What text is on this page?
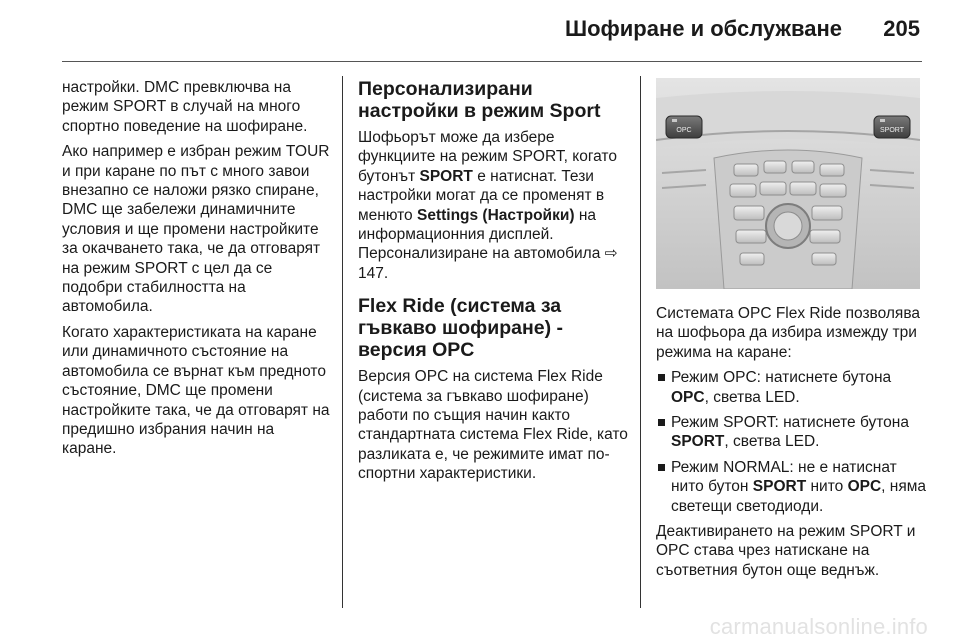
Шофиране и обслужване 205

настройки. DMC превключва на режим SPORT в случай на много спортно поведение на шофиране.

Ако например е избран режим TOUR и при каране по път с много завои внезапно се наложи рязко спиране, DMC ще забележи динамичните условия и ще промени настройките за окачването така, че да отговарят на режим SPORT с цел да се подобри стабилността на автомобила.

Когато характеристиката на каране или динамичното състояние на автомобила се върнат към предното състояние, DMC ще промени настройките така, че да отговарят на предишно избрания начин на каране.

Персонализирани настройки в режим Sport

Шофьорът може да избере функциите на режим SPORT, когато бутонът SPORT е натиснат. Тези настройки могат да се променят в менюто Settings (Настройки) на информационния дисплей. Персонализиране на автомобила ⇨ 147.

Flex Ride (система за гъвкаво шофиране) - версия OPC

Версия OPC на система Flex Ride (система за гъвкаво шофиране) работи по същия начин както стандартната система Flex Ride, като разликата е, че режимите имат по-спортни характеристики.

OPC	SPORT

Системата OPC Flex Ride позволява на шофьора да избира измежду три режима на каране:

Режим OPC: натиснете бутона OPC, светва LED.
Режим SPORT: натиснете бутона SPORT, светва LED.
Режим NORMAL: не е натиснат нито бутон SPORT нито OPC, няма светещи светодиоди.

Деактивирането на режим SPORT и OPC става чрез натискане на съответния бутон още веднъж.

carmanualsonline.info
